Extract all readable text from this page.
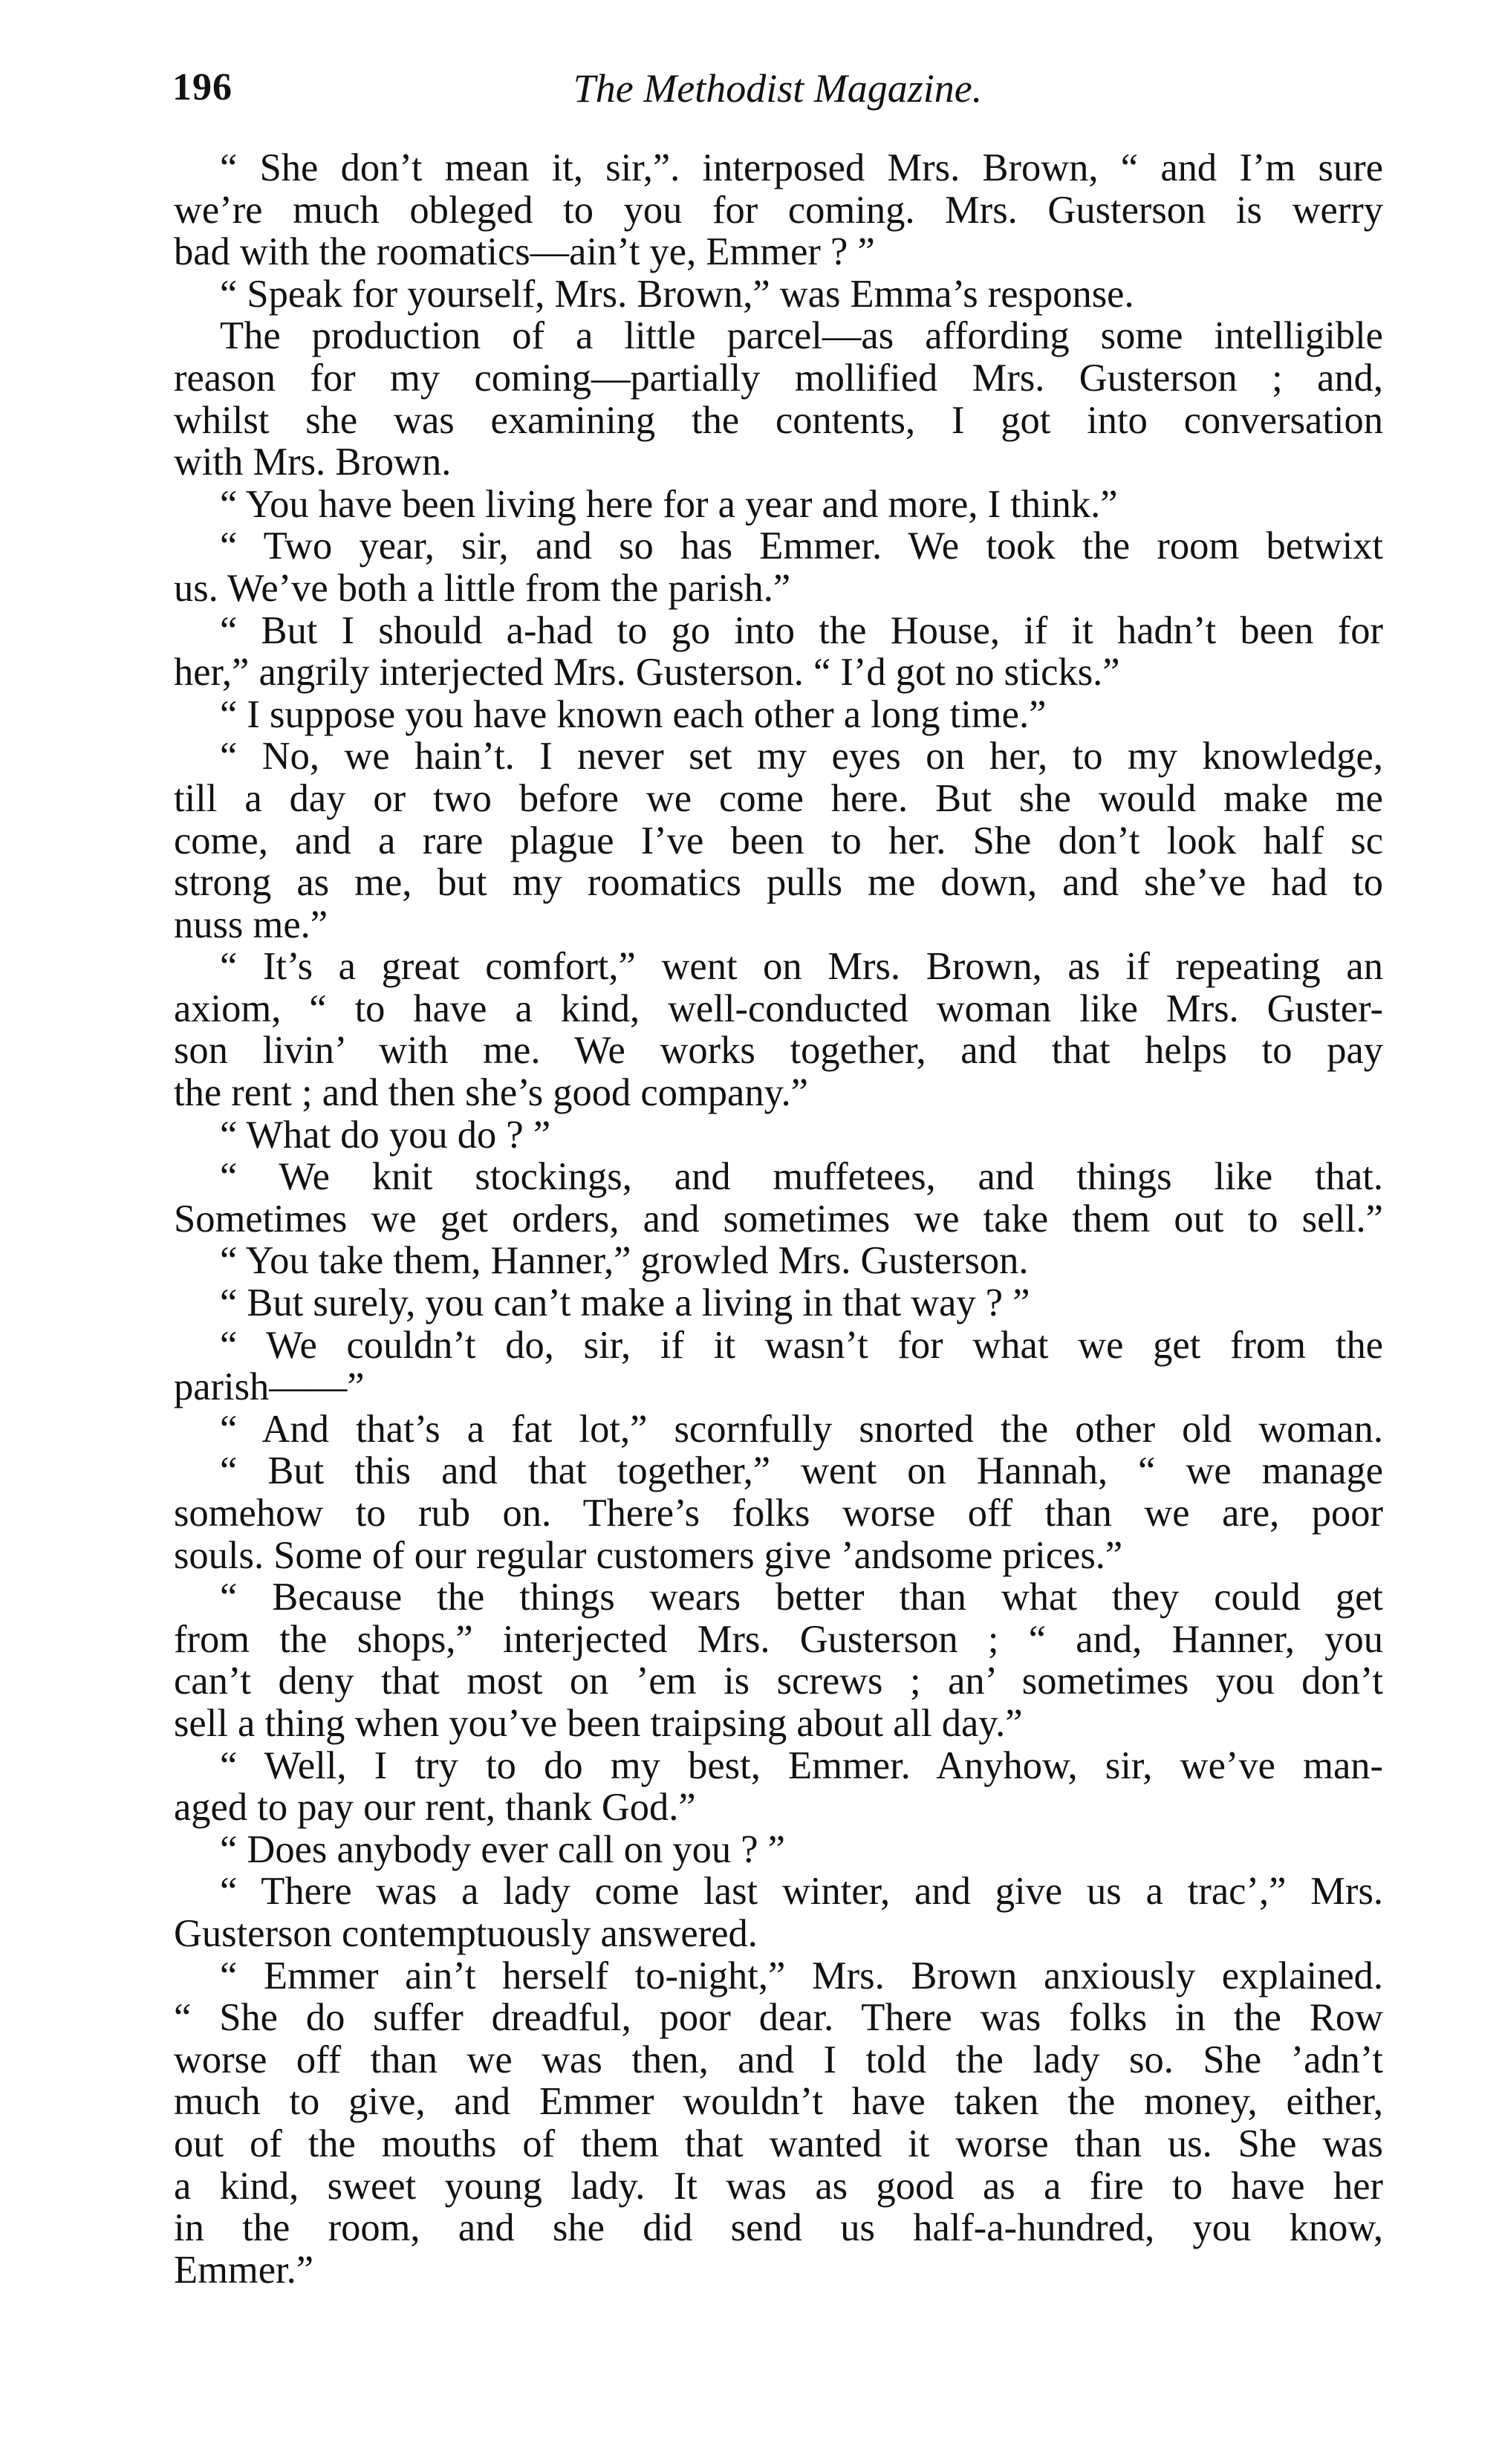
196	The Methodist Magazine.
“ She don’t mean it, sir,”. interposed Mrs. Brown, “ and I’m sure
we’re much obleged to you for coming. Mrs. Gusterson is werry
bad with the roomatics—ain’t ye, Emmer ? ”
“ Speak for yourself, Mrs. Brown,” was Emma’s response.
The production of a little parcel—as affording some intelligible
reason for my coming—partially mollified Mrs. Gusterson ; and,
whilst she was examining the contents, I got into conversation
with Mrs. Brown.
“ You have been living here for a year and more, I think.”
“ Two year, sir, and so has Emmer. We took the room betwixt
us. We’ve both a little from the parish.”
“ But I should a-had to go into the House, if it hadn’t been for
her,” angrily interjected Mrs. Gusterson. “ I’d got no sticks.”
“ I suppose you have known each other a long time.”
“ No, we hain’t. I never set my eyes on her, to my knowledge,
till a day or two before we come here. But she would make me
come, and a rare plague I’ve been to her. She don’t look half sc
strong as me, but my roomatics pulls me down, and she’ve had to
nuss me.”
“ It’s a great comfort,” went on Mrs. Brown, as if repeating an
axiom, “ to have a kind, well-conducted woman like Mrs. Guster-
son livin’ with me. We works together, and that helps to pay
the rent ; and then she’s good company.”
“ What do you do ? ”
“ We knit stockings, and muffetees, and things like that.
Sometimes we get orders, and sometimes we take them out to sell.”
“ You take them, Hanner,” growled Mrs. Gusterson.
“ But surely, you can’t make a living in that way ? ”
“ We couldn’t do, sir, if it wasn’t for what we get from the
parish——”
“ And that’s a fat lot,” scornfully snorted the other old woman.
“ But this and that together,” went on Hannah, “ we manage
somehow to rub on. There’s folks worse off than we are, poor
souls. Some of our regular customers give ’andsome prices.”
“ Because the things wears better than what they could get
from the shops,” interjected Mrs. Gusterson ; “ and, Hanner, you
can’t deny that most on ’em is screws ; an’ sometimes you don’t
sell a thing when you’ve been traipsing about all day.”
“ Well, I try to do my best, Emmer. Anyhow, sir, we’ve man-
aged to pay our rent, thank God.”
“ Does anybody ever call on you ? ”
“ There was a lady come last winter, and give us a trac’,” Mrs.
Gusterson contemptuously answered.
“ Emmer ain’t herself to-night,” Mrs. Brown anxiously explained.
“ She do suffer dreadful, poor dear. There was folks in the Row
worse off than we was then, and I told the lady so. She ’adn’t
much to give, and Emmer wouldn’t have taken the money, either,
out of the mouths of them that wanted it worse than us. She was
a kind, sweet young lady. It was as good as a fire to have her
in the room, and she did send us half-a-hundred, you know,
Emmer.”
